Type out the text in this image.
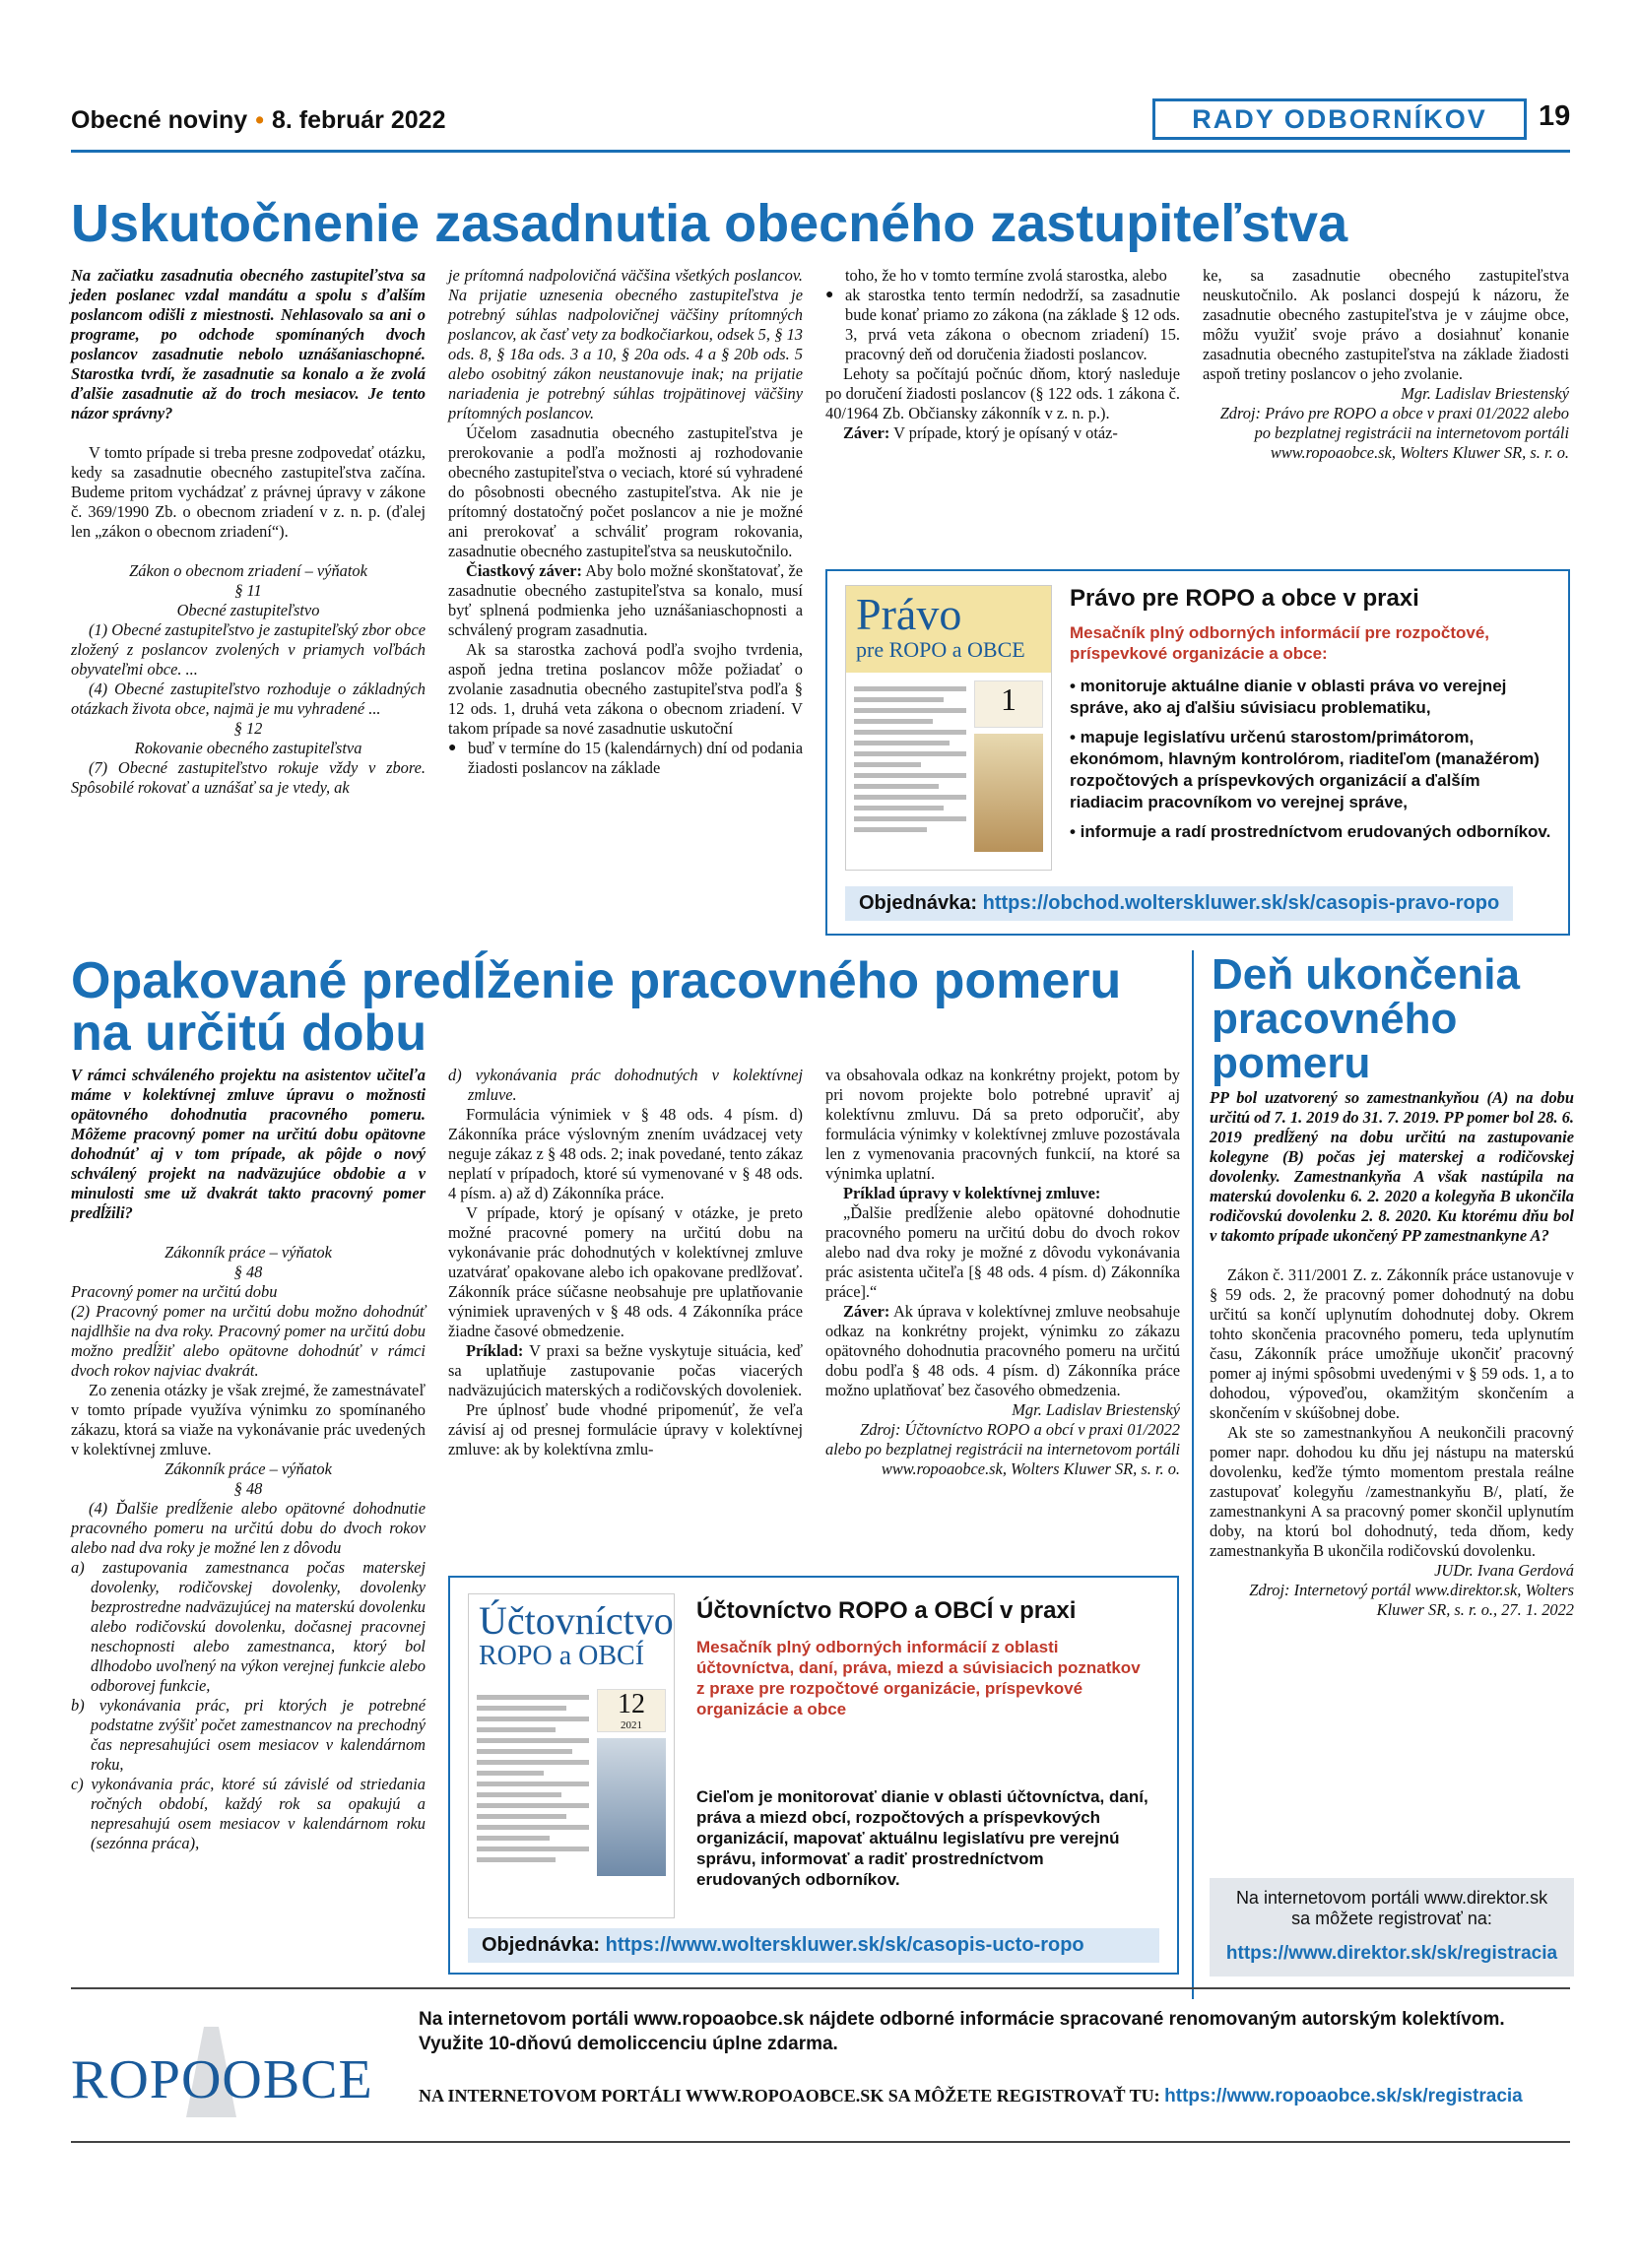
Obecné noviny • 8. február 2022	RADY ODBORNÍKOV	19
Uskutočnenie zasadnutia obecného zastupiteľstva

Na začiatku zasadnutia obecného zastupiteľstva sa jeden poslanec vzdal mandátu a spolu s ďalším poslancom odišli z miestnosti. Nehlasovalo sa ani o programe, po odchode spomínaných dvoch poslancov zasadnutie nebolo uznášaniaschopné. Starostka tvrdí, že zasadnutie sa konalo a že zvolá ďalšie zasadnutie až do troch mesiacov. Je tento názor správny?

V tomto prípade si treba presne zodpovedať otázku, kedy sa zasadnutie obecného zastupiteľstva začína. Budeme pritom vychádzať z právnej úpravy v zákone č. 369/1990 Zb. o obecnom zriadení v z. n. p. (ďalej len „zákon o obecnom zriadení“).

Zákon o obecnom zriadení – výňatok

§ 11

Obecné zastupiteľstvo

(1) Obecné zastupiteľstvo je zastupiteľský zbor obce zložený z poslancov zvolených v priamych voľbách obyvateľmi obce. ...

(4) Obecné zastupiteľstvo rozhoduje o základných otázkach života obce, najmä je mu vyhradené ...

§ 12

Rokovanie obecného zastupiteľstva

(7) Obecné zastupiteľstvo rokuje vždy v zbore. Spôsobilé rokovať a uznášať sa je vtedy, ak

je prítomná nadpolovičná väčšina všetkých poslancov. Na prijatie uznesenia obecného zastupiteľstva je potrebný súhlas nadpolovičnej väčšiny prítomných poslancov, ak časť vety za bodkočiarkou, odsek 5, § 13 ods. 8, § 18a ods. 3 a 10, § 20a ods. 4 a § 20b ods. 5 alebo osobitný zákon neustanovuje inak; na prijatie nariadenia je potrebný súhlas trojpätinovej väčšiny prítomných poslancov.

Účelom zasadnutia obecného zastupiteľstva je prerokovanie a podľa možnosti aj rozhodovanie obecného zastupiteľstva o veciach, ktoré sú vyhradené do pôsobnosti obecného zastupiteľstva. Ak nie je prítomný dostatočný počet poslancov a nie je možné ani prerokovať a schváliť program rokovania, zasadnutie obecného zastupiteľstva sa neuskutočnilo.

Čiastkový záver: Aby bolo možné skonštatovať, že zasadnutie obecného zastupiteľstva sa konalo, musí byť splnená podmienka jeho uznášaniaschopnosti a schválený program zasadnutia.

Ak sa starostka zachová podľa svojho tvrdenia, aspoň jedna tretina poslancov môže požiadať o zvolanie zasadnutia obecného zastupiteľstva podľa § 12 ods. 1, druhá veta zákona o obecnom zriadení. V takom prípade sa nové zasadnutie uskutoční

● buď v termíne do 15 (kalendárnych) dní od podania žiadosti poslancov na základe

toho, že ho v tomto termíne zvolá starostka, alebo

● ak starostka tento termín nedodrží, sa zasadnutie bude konať priamo zo zákona (na základe § 12 ods. 3, prvá veta zákona o obecnom zriadení) 15. pracovný deň od doručenia žiadosti poslancov.

Lehoty sa počítajú počnúc dňom, ktorý nasleduje po doručení žiadosti poslancov (§ 122 ods. 1 zákona č. 40/1964 Zb. Občiansky zákonník v z. n. p.).

Záver: V prípade, ktorý je opísaný v otáz-

ke, sa zasadnutie obecného zastupiteľstva neuskutočnilo. Ak poslanci dospejú k názoru, že zasadnutie obecného zastupiteľstva je v záujme obce, môžu využiť svoje právo a dosiahnuť konanie zasadnutia obecného zastupiteľstva na základe žiadosti aspoň tretiny poslancov o jeho zvolanie.

Mgr. Ladislav Briestenský

Zdroj: Právo pre ROPO a obce v praxi 01/2022 alebo po bezplatnej registrácii na internetovom portáli www.ropoaobce.sk, Wolters Kluwer SR, s. r. o.

Právo
pre ROPO a OBCE
1
Právo pre ROPO a obce v praxi
Mesačník plný odborných informácií pre rozpočtové, príspevkové organizácie a obce:
• monitoruje aktuálne dianie v oblasti práva vo verejnej správe, ako aj ďalšiu súvisiacu problematiku,
• mapuje legislatívu určenú starostom/primátorom, ekonómom, hlavným kontrolórom, riaditeľom (manažérom) rozpočtových a príspevkových organizácií a ďalším riadiacim pracovníkom vo verejnej správe,
• informuje a radí prostredníctvom erudovaných odborníkov.
Objednávka: https://obchod.wolterskluwer.sk/sk/casopis-pravo-ropo
Opakované predĺženie pracovného pomeru na určitú dobu

V rámci schváleného projektu na asistentov učiteľa máme v kolektívnej zmluve úpravu o možnosti opätovného dohodnutia pracovného pomeru. Môžeme pracovný pomer na určitú dobu opätovne dohodnúť aj v tom prípade, ak pôjde o nový schválený projekt na nadväzujúce obdobie a v minulosti sme už dvakrát takto pracovný pomer predĺžili?

Zákonník práce – výňatok

§ 48

Pracovný pomer na určitú dobu

(2) Pracovný pomer na určitú dobu možno dohodnúť najdlhšie na dva roky. Pracovný pomer na určitú dobu možno predĺžiť alebo opätovne dohodnúť v rámci dvoch rokov najviac dvakrát.

Zo zenenia otázky je však zrejmé, že zamestnávateľ v tomto prípade využíva výnimku zo spomínaného zákazu, ktorá sa viaže na vykonávanie prác uvedených v kolektívnej zmluve.

Zákonník práce – výňatok

§ 48

(4) Ďalšie predĺženie alebo opätovné dohodnutie pracovného pomeru na určitú dobu do dvoch rokov alebo nad dva roky je možné len z dôvodu

a) zastupovania zamestnanca počas materskej dovolenky, rodičovskej dovolenky, dovolenky bezprostredne nadväzujúcej na materskú dovolenku alebo rodičovskú dovolenku, dočasnej pracovnej neschopnosti alebo zamestnanca, ktorý bol dlhodobo uvoľnený na výkon verejnej funkcie alebo odborovej funkcie,

b) vykonávania prác, pri ktorých je potrebné podstatne zvýšiť počet zamestnancov na prechodný čas nepresahujúci osem mesiacov v kalendárnom roku,

c) vykonávania prác, ktoré sú závislé od striedania ročných období, každý rok sa opakujú a nepresahujú osem mesiacov v kalendárnom roku (sezónna práca),

d) vykonávania prác dohodnutých v kolektívnej zmluve.

Formulácia výnimiek v § 48 ods. 4 písm. d) Zákonníka práce výslovným znením uvádzacej vety neguje zákaz z § 48 ods. 2; inak povedané, tento zákaz neplatí v prípadoch, ktoré sú vymenované v § 48 ods. 4 písm. a) až d) Zákonníka práce.

V prípade, ktorý je opísaný v otázke, je preto možné pracovné pomery na určitú dobu na vykonávanie prác dohodnutých v kolektívnej zmluve uzatvárať opakovane alebo ich opakovane predlžovať. Zákonník práce súčasne neobsahuje pre uplatňovanie výnimiek upravených v § 48 ods. 4 Zákonníka práce žiadne časové obmedzenie.

Príklad: V praxi sa bežne vyskytuje situácia, keď sa uplatňuje zastupovanie počas viacerých nadväzujúcich materských a rodičovských dovoleniek.

Pre úplnosť bude vhodné pripomenúť, že veľa závisí aj od presnej formulácie úpravy v kolektívnej zmluve: ak by kolektívna zmlu-

va obsahovala odkaz na konkrétny projekt, potom by pri novom projekte bolo potrebné upraviť aj kolektívnu zmluvu. Dá sa preto odporučiť, aby formulácia výnimky v kolektívnej zmluve pozostávala len z vymenovania pracovných funkcií, na ktoré sa výnimka uplatní.

Príklad úpravy v kolektívnej zmluve:

„Ďalšie predĺženie alebo opätovné dohodnutie pracovného pomeru na určitú dobu do dvoch rokov alebo nad dva roky je možné z dôvodu vykonávania prác asistenta učiteľa [§ 48 ods. 4 písm. d) Zákonníka práce].“

Záver: Ak úprava v kolektívnej zmluve neobsahuje odkaz na konkrétny projekt, výnimku zo zákazu opätovného dohodnutia pracovného pomeru na určitú dobu podľa § 48 ods. 4 písm. d) Zákonníka práce možno uplatňovať bez časového obmedzenia.

Mgr. Ladislav Briestenský

Zdroj: Účtovníctvo ROPO a obcí v praxi 01/2022 alebo po bezplatnej registrácii na internetovom portáli www.ropoaobce.sk, Wolters Kluwer SR, s. r. o.

Účtovníctvo
ROPO a OBCÍ
12
2021
Účtovníctvo ROPO a OBCÍ v praxi
Mesačník plný odborných informácií z oblasti účtovníctva, daní, práva, miezd a súvisiacich poznatkov z praxe pre rozpočtové organizácie, príspevkové organizácie a obce
Cieľom je monitorovať dianie v oblasti účtovníctva, daní, práva a miezd obcí, rozpočtových a príspevkových organizácií, mapovať aktuálnu legislatívu pre verejnú správu, informovať a radiť prostredníctvom erudovaných odborníkov.
Objednávka: https://www.wolterskluwer.sk/sk/casopis-ucto-ropo
Deň ukončenia pracovného pomeru

PP bol uzatvorený so zamestnankyňou (A) na dobu určitú od 7. 1. 2019 do 31. 7. 2019. PP pomer bol 28. 6. 2019 predĺžený na dobu určitú na zastupovanie kolegyne (B) počas jej materskej a rodičovskej dovolenky. Zamestnankyňa A však nastúpila na materskú dovolenku 6. 2. 2020 a kolegyňa B ukončila rodičovskú dovolenku 2. 8. 2020. Ku ktorému dňu bol v takomto prípade ukončený PP zamestnankyne A?

Zákon č. 311/2001 Z. z. Zákonník práce ustanovuje v § 59 ods. 2, že pracovný pomer dohodnutý na dobu určitú sa končí uplynutím dohodnutej doby. Okrem tohto skončenia pracovného pomeru, teda uplynutím času, Zákonník práce umožňuje ukončiť pracovný pomer aj inými spôsobmi uvedenými v § 59 ods. 1, a to dohodou, výpoveďou, okamžitým skončením a skončením v skúšobnej dobe.

Ak ste so zamestnankyňou A neukončili pracovný pomer napr. dohodou ku dňu jej nástupu na materskú dovolenku, keďže týmto momentom prestala reálne zastupovať kolegyňu /zamestnankyňu B/, platí, že zamestnankyni A sa pracovný pomer skončil uplynutím doby, na ktorú bol dohodnutý, teda dňom, kedy zamestnankyňa B ukončila rodičovskú dovolenku.

JUDr. Ivana Gerdová

Zdroj: Internetový portál www.direktor.sk, Wolters Kluwer SR, s. r. o., 27. 1. 2022

Na internetovom portáli www.direktor.sk
sa môžete registrovať na:
https://www.direktor.sk/sk/registracia
ROPOOBCE
Na internetovom portáli www.ropoaobce.sk nájdete odborné informácie spracované renomovaným autorským kolektívom. Využite 10-dňovú demoliccenciu úplne zdarma.
NA INTERNETOVOM PORTÁLI WWW.ROPOAOBCE.SK SA MÔŽETE REGISTROVAŤ TU: https://www.ropoaobce.sk/sk/registracia
